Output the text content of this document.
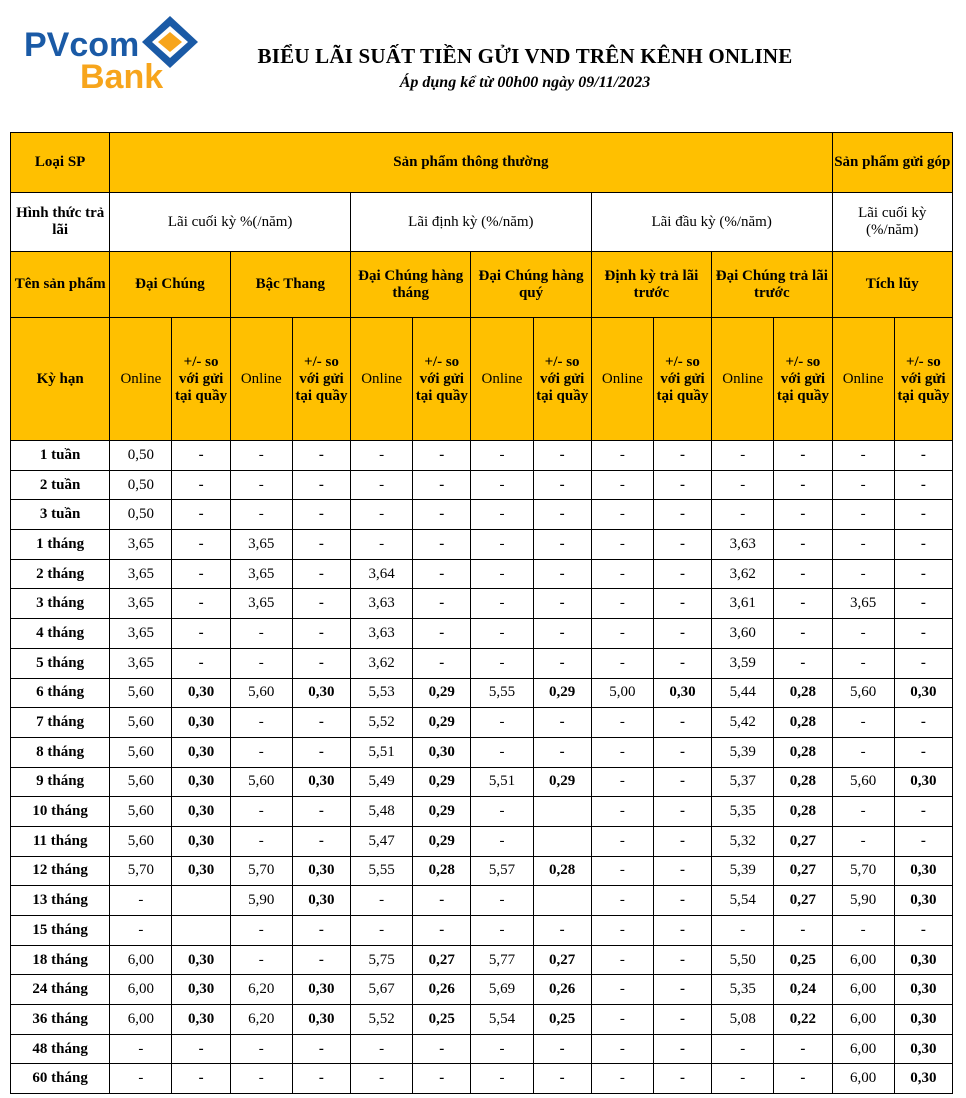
PVcom
Bank
BIỂU LÃI SUẤT TIỀN GỬI VND TRÊN KÊNH ONLINE
Áp dụng kể từ 00h00 ngày 09/11/2023
Loại SP	Sản phẩm thông thường												Sản phẩm gửi góp	
Hình thức trả lãi	Lãi cuối kỳ %(/năm)				Lãi định kỳ (%/năm)				Lãi đầu kỳ (%/năm)				Lãi cuối kỳ (%/năm)	
Tên sản phẩm	Đại Chúng		Bậc Thang		Đại Chúng hàng tháng		Đại Chúng hàng quý		Định kỳ trả lãi trước		Đại Chúng trả lãi trước		Tích lũy	
Kỳ hạn	Online	+/- so với gửi tại quầy	Online	+/- so với gửi tại quầy	Online	+/- so với gửi tại quầy	Online	+/- so với gửi tại quầy	Online	+/- so với gửi tại quầy	Online	+/- so với gửi tại quầy	Online	+/- so với gửi tại quầy
1 tuần	0,50	-	-	-	-	-	-	-	-	-	-	-	-	-
2 tuần	0,50	-	-	-	-	-	-	-	-	-	-	-	-	-
3 tuần	0,50	-	-	-	-	-	-	-	-	-	-	-	-	-
1 tháng	3,65	-	3,65	-	-	-	-	-	-	-	3,63	-	-	-
2 tháng	3,65	-	3,65	-	3,64	-	-	-	-	-	3,62	-	-	-
3 tháng	3,65	-	3,65	-	3,63	-	-	-	-	-	3,61	-	3,65	-
4 tháng	3,65	-	-	-	3,63	-	-	-	-	-	3,60	-	-	-
5 tháng	3,65	-	-	-	3,62	-	-	-	-	-	3,59	-	-	-
6 tháng	5,60	0,30	5,60	0,30	5,53	0,29	5,55	0,29	5,00	0,30	5,44	0,28	5,60	0,30
7 tháng	5,60	0,30	-	-	5,52	0,29	-	-	-	-	5,42	0,28	-	-
8 tháng	5,60	0,30	-	-	5,51	0,30	-	-	-	-	5,39	0,28	-	-
9 tháng	5,60	0,30	5,60	0,30	5,49	0,29	5,51	0,29	-	-	5,37	0,28	5,60	0,30
10 tháng	5,60	0,30	-	-	5,48	0,29	-		-	-	5,35	0,28	-	-
11 tháng	5,60	0,30	-	-	5,47	0,29	-		-	-	5,32	0,27	-	-
12 tháng	5,70	0,30	5,70	0,30	5,55	0,28	5,57	0,28	-	-	5,39	0,27	5,70	0,30
13 tháng	-		5,90	0,30	-	-	-		-	-	5,54	0,27	5,90	0,30
15 tháng	-		-	-	-	-	-	-	-	-	-	-	-	-
18 tháng	6,00	0,30	-	-	5,75	0,27	5,77	0,27	-	-	5,50	0,25	6,00	0,30
24 tháng	6,00	0,30	6,20	0,30	5,67	0,26	5,69	0,26	-	-	5,35	0,24	6,00	0,30
36 tháng	6,00	0,30	6,20	0,30	5,52	0,25	5,54	0,25	-	-	5,08	0,22	6,00	0,30
48 tháng	-	-	-	-	-	-	-	-	-	-	-	-	6,00	0,30
60 tháng	-	-	-	-	-	-	-	-	-	-	-	-	6,00	0,30
